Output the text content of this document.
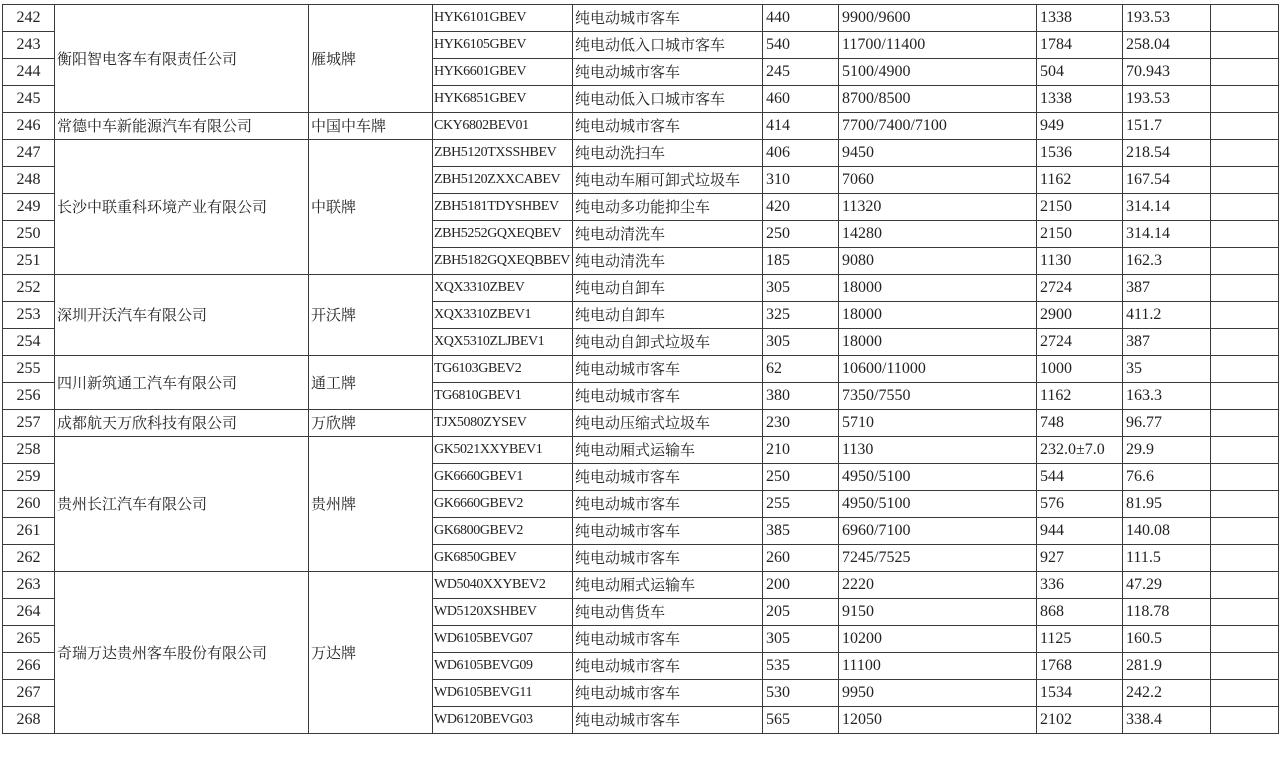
242	衡阳智电客车有限责任公司	雁城牌	HYK6101GBEV	纯电动城市客车	440	9900/9600	1338	193.53	
243			HYK6105GBEV	纯电动低入口城市客车	540	11700/11400	1784	258.04	
244			HYK6601GBEV	纯电动城市客车	245	5100/4900	504	70.943	
245			HYK6851GBEV	纯电动低入口城市客车	460	8700/8500	1338	193.53	
246	常德中车新能源汽车有限公司	中国中车牌	CKY6802BEV01	纯电动城市客车	414	7700/7400/7100	949	151.7	
247	长沙中联重科环境产业有限公司	中联牌	ZBH5120TXSSHBEV	纯电动洗扫车	406	9450	1536	218.54	
248			ZBH5120ZXXCABEV	纯电动车厢可卸式垃圾车	310	7060	1162	167.54	
249			ZBH5181TDYSHBEV	纯电动多功能抑尘车	420	11320	2150	314.14	
250			ZBH5252GQXEQBEV	纯电动清洗车	250	14280	2150	314.14	
251			ZBH5182GQXEQBBEV	纯电动清洗车	185	9080	1130	162.3	
252	深圳开沃汽车有限公司	开沃牌	XQX3310ZBEV	纯电动自卸车	305	18000	2724	387	
253			XQX3310ZBEV1	纯电动自卸车	325	18000	2900	411.2	
254			XQX5310ZLJBEV1	纯电动自卸式垃圾车	305	18000	2724	387	
255	四川新筑通工汽车有限公司	通工牌	TG6103GBEV2	纯电动城市客车	62	10600/11000	1000	35	
256			TG6810GBEV1	纯电动城市客车	380	7350/7550	1162	163.3	
257	成都航天万欣科技有限公司	万欣牌	TJX5080ZYSEV	纯电动压缩式垃圾车	230	5710	748	96.77	
258	贵州长江汽车有限公司	贵州牌	GK5021XXYBEV1	纯电动厢式运输车	210	1130	232.0±7.0	29.9	
259			GK6660GBEV1	纯电动城市客车	250	4950/5100	544	76.6	
260			GK6660GBEV2	纯电动城市客车	255	4950/5100	576	81.95	
261			GK6800GBEV2	纯电动城市客车	385	6960/7100	944	140.08	
262			GK6850GBEV	纯电动城市客车	260	7245/7525	927	111.5	
263	奇瑞万达贵州客车股份有限公司	万达牌	WD5040XXYBEV2	纯电动厢式运输车	200	2220	336	47.29	
264			WD5120XSHBEV	纯电动售货车	205	9150	868	118.78	
265			WD6105BEVG07	纯电动城市客车	305	10200	1125	160.5	
266			WD6105BEVG09	纯电动城市客车	535	11100	1768	281.9	
267			WD6105BEVG11	纯电动城市客车	530	9950	1534	242.2	
268			WD6120BEVG03	纯电动城市客车	565	12050	2102	338.4	
